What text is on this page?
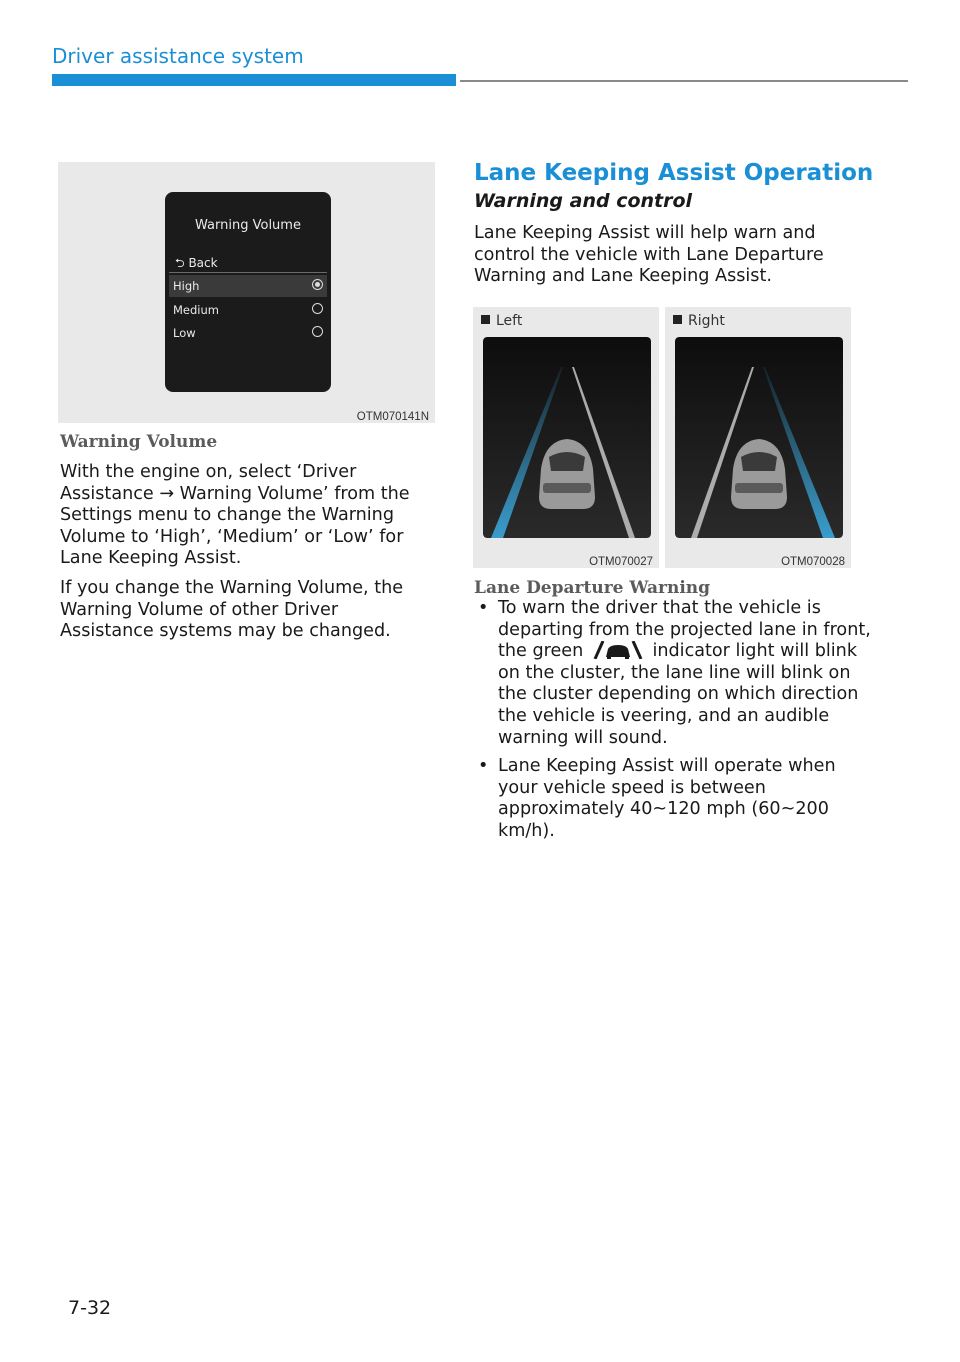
Driver assistance system
Warning Volume
⮌ Back
High
Medium
Low
OTM070141N
Warning Volume

With the engine on, select ‘Driver Assistance → Warning Volume’ from the Settings menu to change the Warning Volume to ‘High’, ‘Medium’ or ‘Low’ for Lane Keeping Assist.

If you change the Warning Volume, the Warning Volume of other Driver Assistance systems may be changed.

Lane Keeping Assist Operation
Warning and control

Lane Keeping Assist will help warn and control the vehicle with Lane Departure Warning and Lane Keeping Assist.

Left
OTM070027
Right
OTM070028
Lane Departure Warning
• To warn the driver that the vehicle is departing from the projected lane in front, the green	indicator light will blink on the cluster, the lane line will blink on the cluster depending on which direction the vehicle is veering, and an audible warning will sound.
• Lane Keeping Assist will operate when your vehicle speed is between approximately 40~120 mph (60~200 km/h).

7-32
